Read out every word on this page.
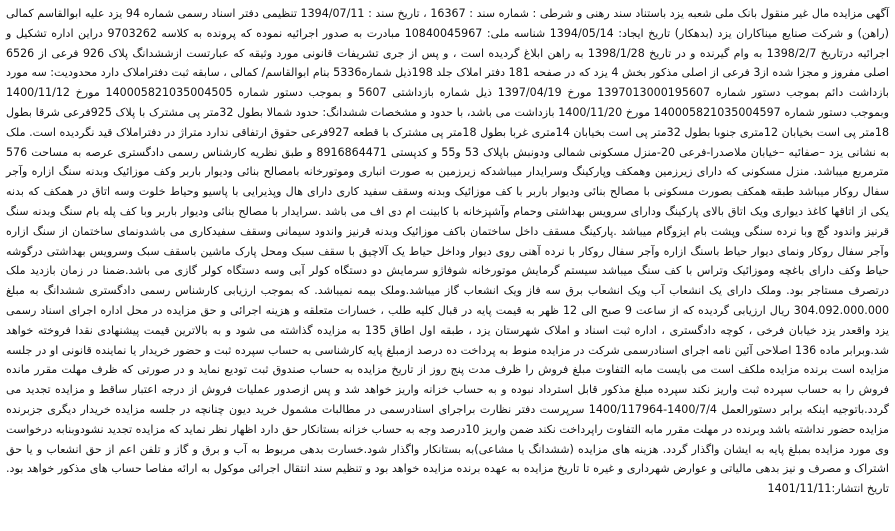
آگهی مزایده مال غیر منقول بانک ملی شعبه یزد باستناد سند رهنی و شرطی : شماره سند : 16367 ، تاریخ سند : 1394/07/11 تنظیمی دفتر اسناد رسمی شماره 94 یزد علیه ابوالقاسم کمالی (راهن) و شرکت صنایع میناکاران یزد (بدهکار) تاریخ ایجاد: 1394/05/14 شناسه ملی: 10840045967 مبادرت به صدور اجرائیه نموده که پرونده به کلاسه 9703262 دراین اداره تشکیل و اجرائیه درتاریخ 1398/2/7 به وام گیرنده و در تاریخ 1398/1/28 به راهن ابلاغ گردیده است ، و پس از جری تشریفات قانونی مورد وثیقه که عبارتست ازششدانگ پلاک 926 فرعی از 6526 اصلی مفروز و مجزا شده از3 فرعی از اصلی مذکور بخش 4 یزد که در صفحه 181 دفتر املاک جلد 198ذیل شماره5336 بنام ابوالقاسم/ کمالی ، سابقه ثبت دفتراملاک دارد محدودیت: سه مورد بازداشت دائم بموجب دستور شماره 1397013000195607 مورخ 1397/04/19 ذیل شماره بازداشتی 5607 و بموجب دستور شماره 140005821035004505 مورخ 1400/11/12 وبموجب دستور شماره 140005821035004597 مورخ 1400/11/20 بازداشت می باشد، با حدود و مشخصات ششدانگ: حدود شمالا بطول 32متر پی مشترک با پلاک 925فرعی شرقا بطول 18متر پی است بخیابان 12متری جنوبا بطول 32متر پی است بخیابان 14متری غربا بطول 18متر پی مشترک با قطعه 927فرعی حقوق ارتفاقی ندارد متراژ در دفتراملاک قید نگردیده است. ملک به نشانی یزد –صفائیه –خیابان ملاصدرا-فرعی 20-منزل مسکونی شمالی ودونبش باپلاک 53 و55 و کدپستی 8916864471 و طبق نظریه کارشناس رسمی دادگستری عرصه به مساحت 576 مترمربع میباشد. منزل مسکونی که دارای زیرزمین وهمکف وپارکینگ وسرایدار میباشدکه زیرزمین به صورت انباری وموتورخانه بامصالح بنائی ودیوار باربر وکف موزائیک وبدنه سنگ ازاره وآجر سفال روکار میباشد طبقه همکف بصورت مسکونی با مصالح بنائی ودیوار باربر با کف موزائیک وبدنه وسقف سفید کاری دارای هال وپذیرایی با پاسیو وحیاط خلوت وسه اتاق در همکف که بدنه یکی از اتاقها کاغذ دیواری ویک اتاق بالای پارکینگ ودارای سرویس بهداشتی وحمام وآشپزخانه با کابینت ام دی اف می باشد .سرایدار با مصالح بنائی ودیوار باربر وبا کف پله بام سنگ وبدنه سنگ قرنیز واندود گچ وبا نرده سنگی وپشت بام ایزوگام میباشد .پارکینگ مسقف داخل ساختمان باکف موزائیک وبدنه قرنیز واندود سیمانی وسقف سفیدکاری می باشدونمای ساختمان از سنگ ازاره وآجر سفال روکار ونمای دیوار حیاط باسنگ ازاره وآجر سفال روکار با نرده آهنی روی دیوار وداخل حیاط یک آلاچیق با سقف سبک ومحل پارک ماشین باسقف سبک وسرویس بهداشتی درگوشه حیاط وکف دارای باغچه وموزائیک وتراس با کف سنگ میباشد سیستم گرمایش موتورخانه شوفاژو سرمایش دو دستگاه کولر آبی وسه دستگاه کولر گازی می باشد.ضمنا در زمان بازدید ملک درتصرف مستاجر بود. وملک دارای یک انشعاب آب ویک انشعاب برق سه فاز ویک انشعاب گاز میباشد.وملک بیمه نمیباشد. که بموجب ارزیابی کارشناس رسمی دادگستری ششدانگ به مبلغ 304.092.000.000 ریال ارزیابی گردیده که از ساعت 9 صبح الی 12 ظهر به قیمت پایه در قبال کلیه طلب ، خسارات متعلقه و هزینه اجرائی و حق مزایده در محل اداره اجرای اسناد رسمی یزد واقعدر یزد خیابان فرخی ، کوچه دادگستری ، اداره ثبت اسناد و املاک شهرستان یزد ، طبقه اول اطاق 135 به مزایده گذاشته می شود و به بالاترین قیمت پیشنهادی نقدا فروخته خواهد شد.وبرابر ماده 136 اصلاحی آئین نامه اجرای اسنادرسمی شرکت در مزایده منوط به پرداخت ده درصد ازمبلغ پایه کارشناسی به حساب سپرده ثبت و حضور خریدار یا نماینده قانونی او در جلسه مزایده است برنده مزایده ملکف است می بایست مابه التفاوت مبلغ فروش را ظرف مدت پنج روز از تاریخ مزایده به حساب صندوق ثبت تودیع نماید و در صورتی که ظرف مهلت مقرر مانده فروش را به حساب سپرده ثبت واریز نکند سپرده مبلغ مذکور قابل استرداد نبوده و به حساب خزانه واریز خواهد شد و پس ازصدور عملیات فروش از درجه اعتبار ساقط و مزایده تجدید می گردد.باتوجیه اینکه برابر دستورالعمل 1400/7/4-1400/117964 سرپرست دفتر نظارت براجرای اسنادرسمی در مطالبات مشمول خرید دیون چنانچه در جلسه مزایده خریدار دیگری جزبرنده مزایده حضور نداشته باشد وبرنده در مهلت مقرر مابه التفاوت راپرداخت نکند ضمن واریز 10درصد وجه به حساب خزانه بستانکار حق دارد اظهار نظر نماید که مزایده تجدید نشودوبنابه درخواست وی مورد مزایده بمبلغ پایه به ایشان واگذار گردد. هزینه های مزایده (ششدانگ یا مشاعی)به بستانکار واگذار شود.خسارت بدهی مربوط به آب و برق و گاز و تلفن اعم از حق انشعاب و یا حق اشتراک و مصرف و نیز بدهی مالیاتی و عوارض شهرداری و غیره تا تاریخ مزایده به عهده برنده مزایده خواهد بود و تنظیم سند انتقال اجرائی موکول به ارائه مفاصا حساب های مذکور خواهد بود. تاریخ انتشار:1401/11/11
